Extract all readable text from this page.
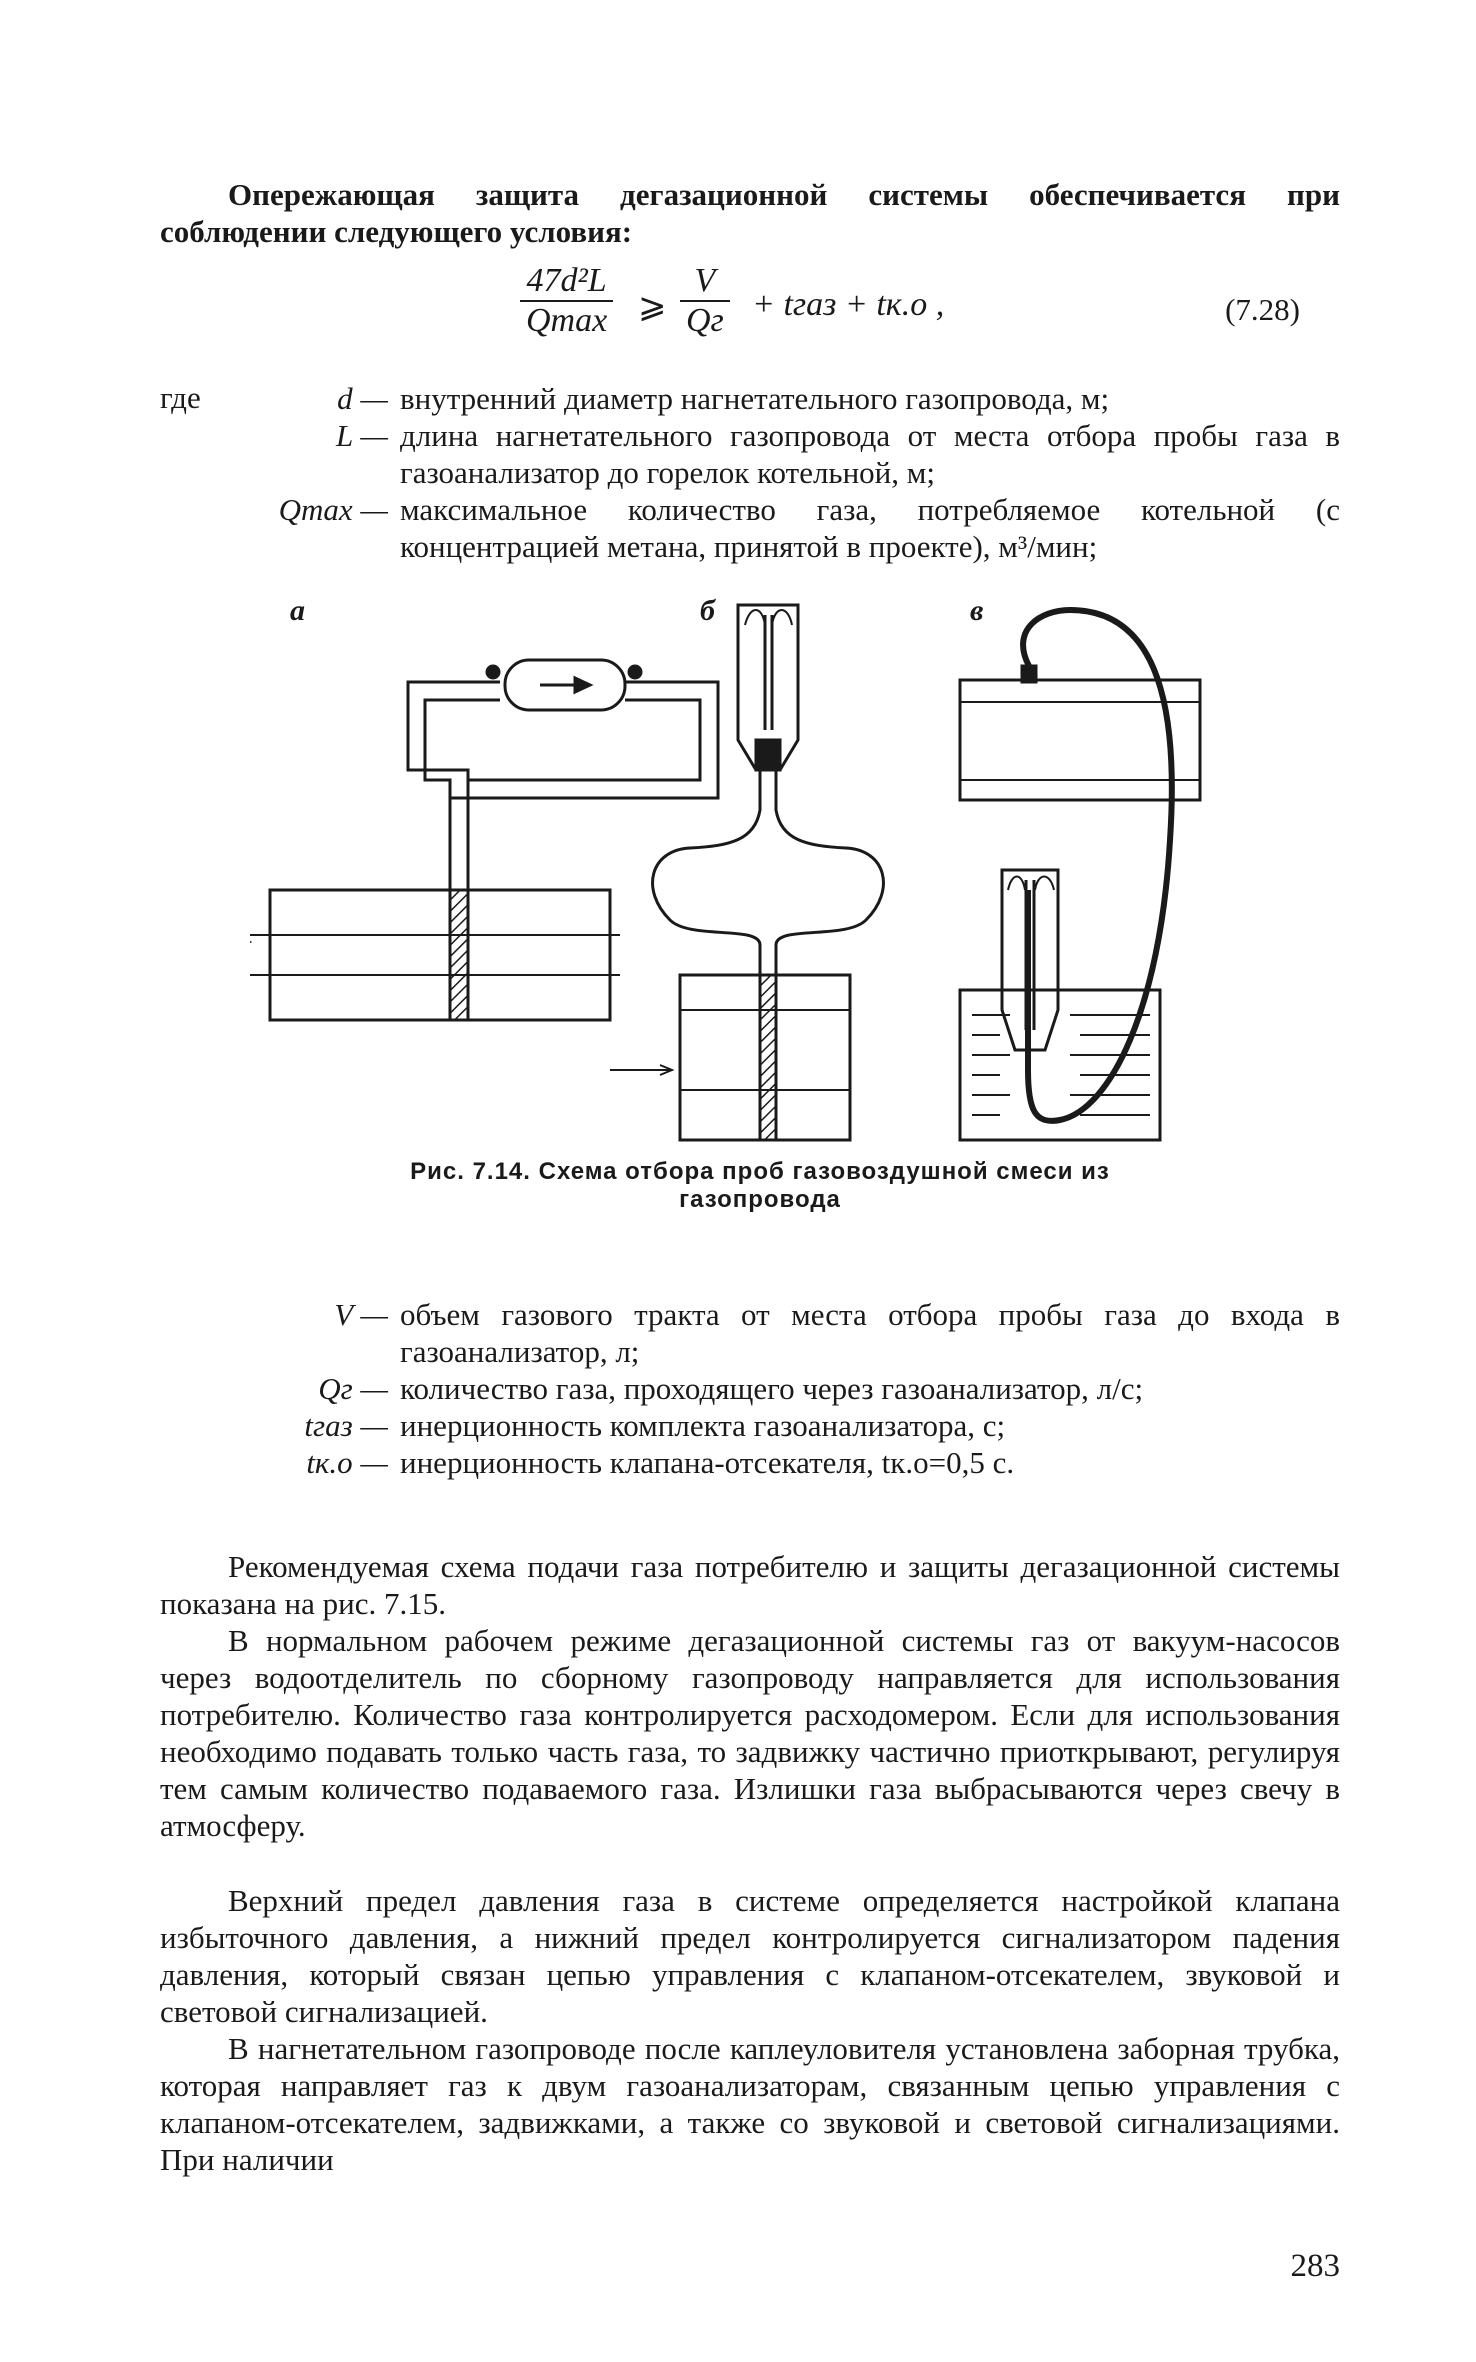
Опережающая защита дегазационной системы обеспечивается при соблюдении следующего условия:
47d²L
Qmax ⩾
V
Qг + tгаз + tк.о ,	(7.28)
где	d — внутренний диаметр нагнетательного газопровода, м;
L — длина нагнетательного газопровода от места отбора пробы газа в газоанализатор до горелок котельной, м;
Qmax — максимальное количество газа, потребляемое котельной (с концентрацией метана, принятой в проекте), м³/мин;
а	б	в
Рис. 7.14. Схема отбора проб газовоздушной смеси из газопровода
V — объем газового тракта от места отбора пробы газа до входа в газоанализатор, л;
Qг — количество газа, проходящего через газоанализатор, л/с;
tгаз — инерционность комплекта газоанализатора, с;
tк.о — инерционность клапана-отсекателя, tк.о=0,5 с.
Рекомендуемая схема подачи газа потребителю и защиты дегазационной системы показана на рис. 7.15.
В нормальном рабочем режиме дегазационной системы газ от вакуум-насосов через водоотделитель по сборному газопроводу направляется для использования потребителю. Количество газа контролируется расходомером. Если для использования необходимо подавать только часть газа, то задвижку частично приоткрывают, регулируя тем самым количество подаваемого газа. Излишки газа выбрасываются через свечу в атмосферу.
Верхний предел давления газа в системе определяется настройкой клапана избыточного давления, а нижний предел контролируется сигнализатором падения давления, который связан цепью управления с клапаном-отсекателем, звуковой и световой сигнализацией.
В нагнетательном газопроводе после каплеуловителя установлена заборная трубка, которая направляет газ к двум газоанализаторам, связанным цепью управления с клапаном-отсекателем, задвижками, а также со звуковой и световой сигнализациями. При наличии
283
